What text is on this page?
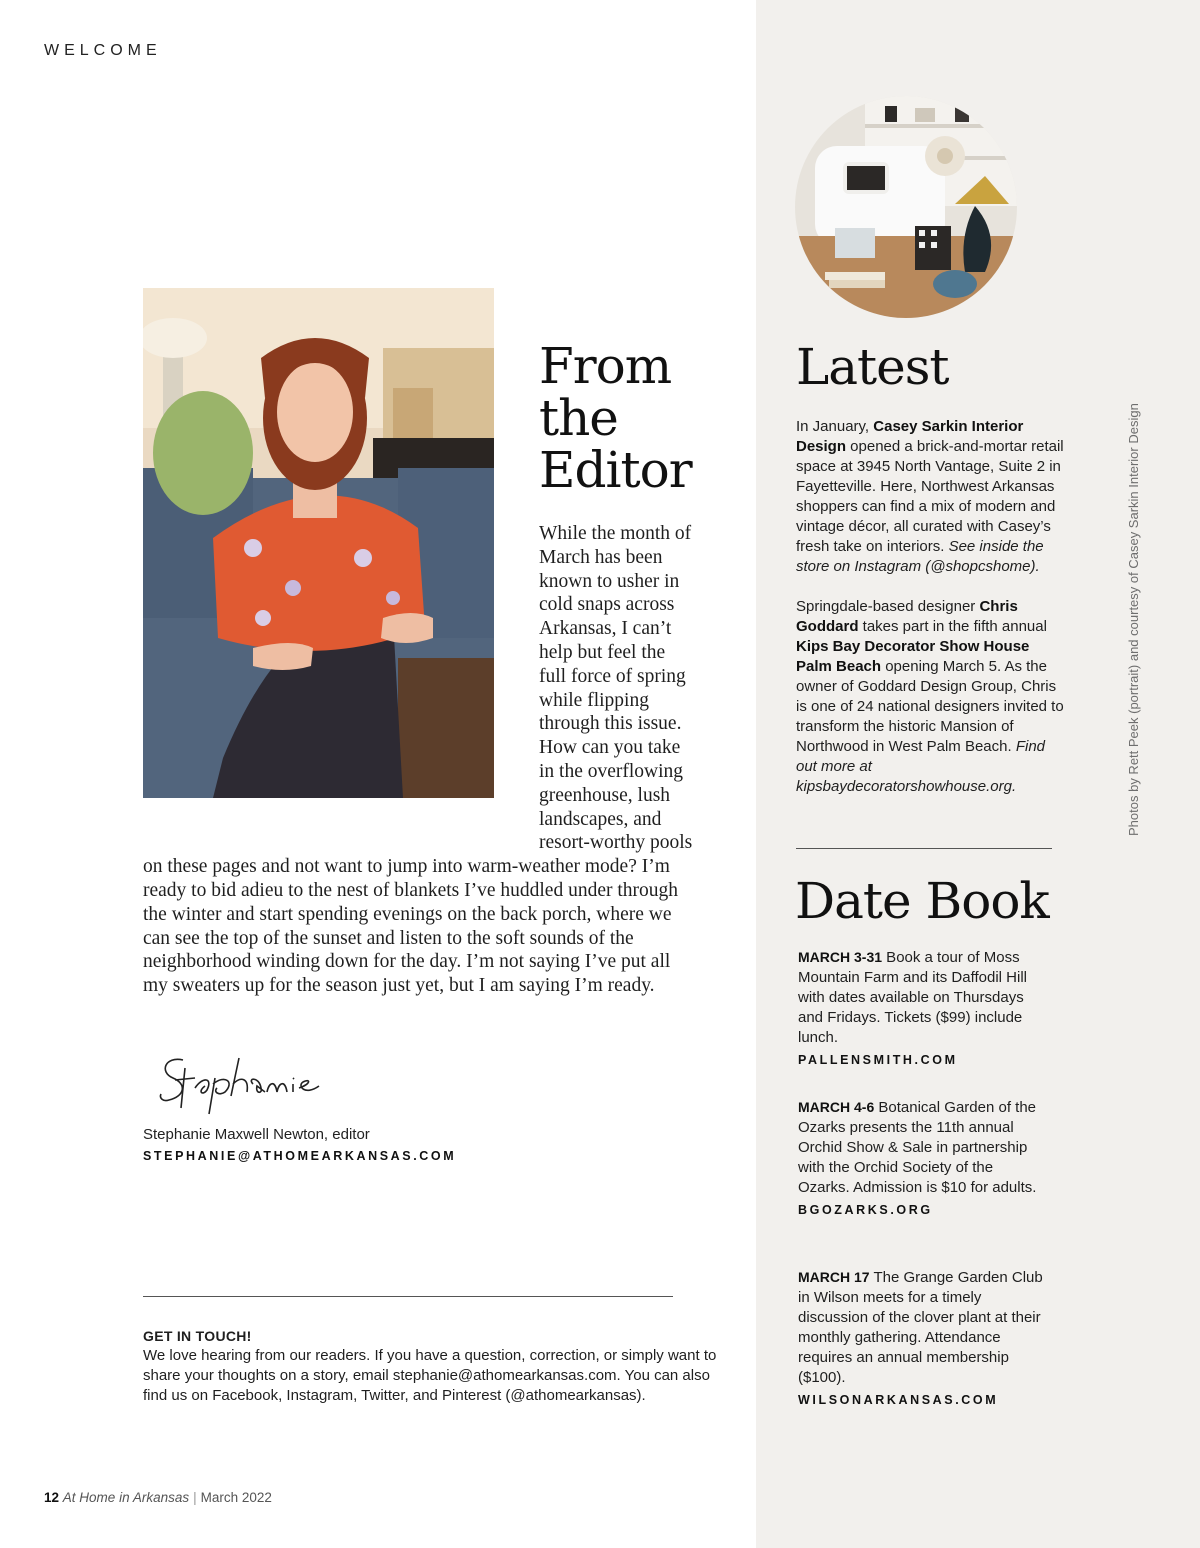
WELCOME
From
the
Editor
While the month of March has been known to usher in cold snaps across Arkansas, I can’t help but feel the full force of spring while flipping through this issue. How can you take in the overflowing greenhouse, lush landscapes, and resort-worthy pools on these pages and not want to jump into warm-weather mode? I’m ready to bid adieu to the nest of blankets I’ve huddled under through the winter and start spending evenings on the back porch, where we can see the top of the sunset and listen to the soft sounds of the neighborhood winding down for the day. I’m not saying I’ve put all my sweaters up for the season just yet, but I am saying I’m ready.
Stephanie Maxwell Newton, editor
STEPHANIE@ATHOMEARKANSAS.COM
GET IN TOUCH!
We love hearing from our readers. If you have a question, correction, or simply want to share your thoughts on a story, email stephanie@athomearkansas.com. You can also find us on Facebook, Instagram, Twitter, and Pinterest (@athomearkansas).
12 At Home in Arkansas | March 2022
Latest

In January, Casey Sarkin Interior Design opened a brick-and-mortar retail space at 3945 North Vantage, Suite 2 in Fayetteville. Here, Northwest Arkansas shoppers can find a mix of modern and vintage décor, all curated with Casey’s fresh take on interiors. See inside the store on Instagram (@shopcshome).

Springdale-based designer Chris Goddard takes part in the fifth annual Kips Bay Decorator Show House Palm Beach opening March 5. As the owner of Goddard Design Group, Chris is one of 24 national designers invited to transform the historic Mansion of Northwood in West Palm Beach. Find out more at kipsbaydecoratorshowhouse.org.

Date Book
MARCH 3-31 Book a tour of Moss Mountain Farm and its Daffodil Hill with dates available on Thursdays and Fridays. Tickets ($99) include lunch.
PALLENSMITH.COM
MARCH 4-6 Botanical Garden of the Ozarks presents the 11th annual Orchid Show & Sale in partnership with the Orchid Society of the Ozarks. Admission is $10 for adults.
BGOZARKS.ORG
MARCH 17 The Grange Garden Club in Wilson meets for a timely discussion of the clover plant at their monthly gathering. Attendance requires an annual membership ($100).
WILSONARKANSAS.COM
Photos by Rett Peek (portrait) and courtesy of Casey Sarkin Interior Design
